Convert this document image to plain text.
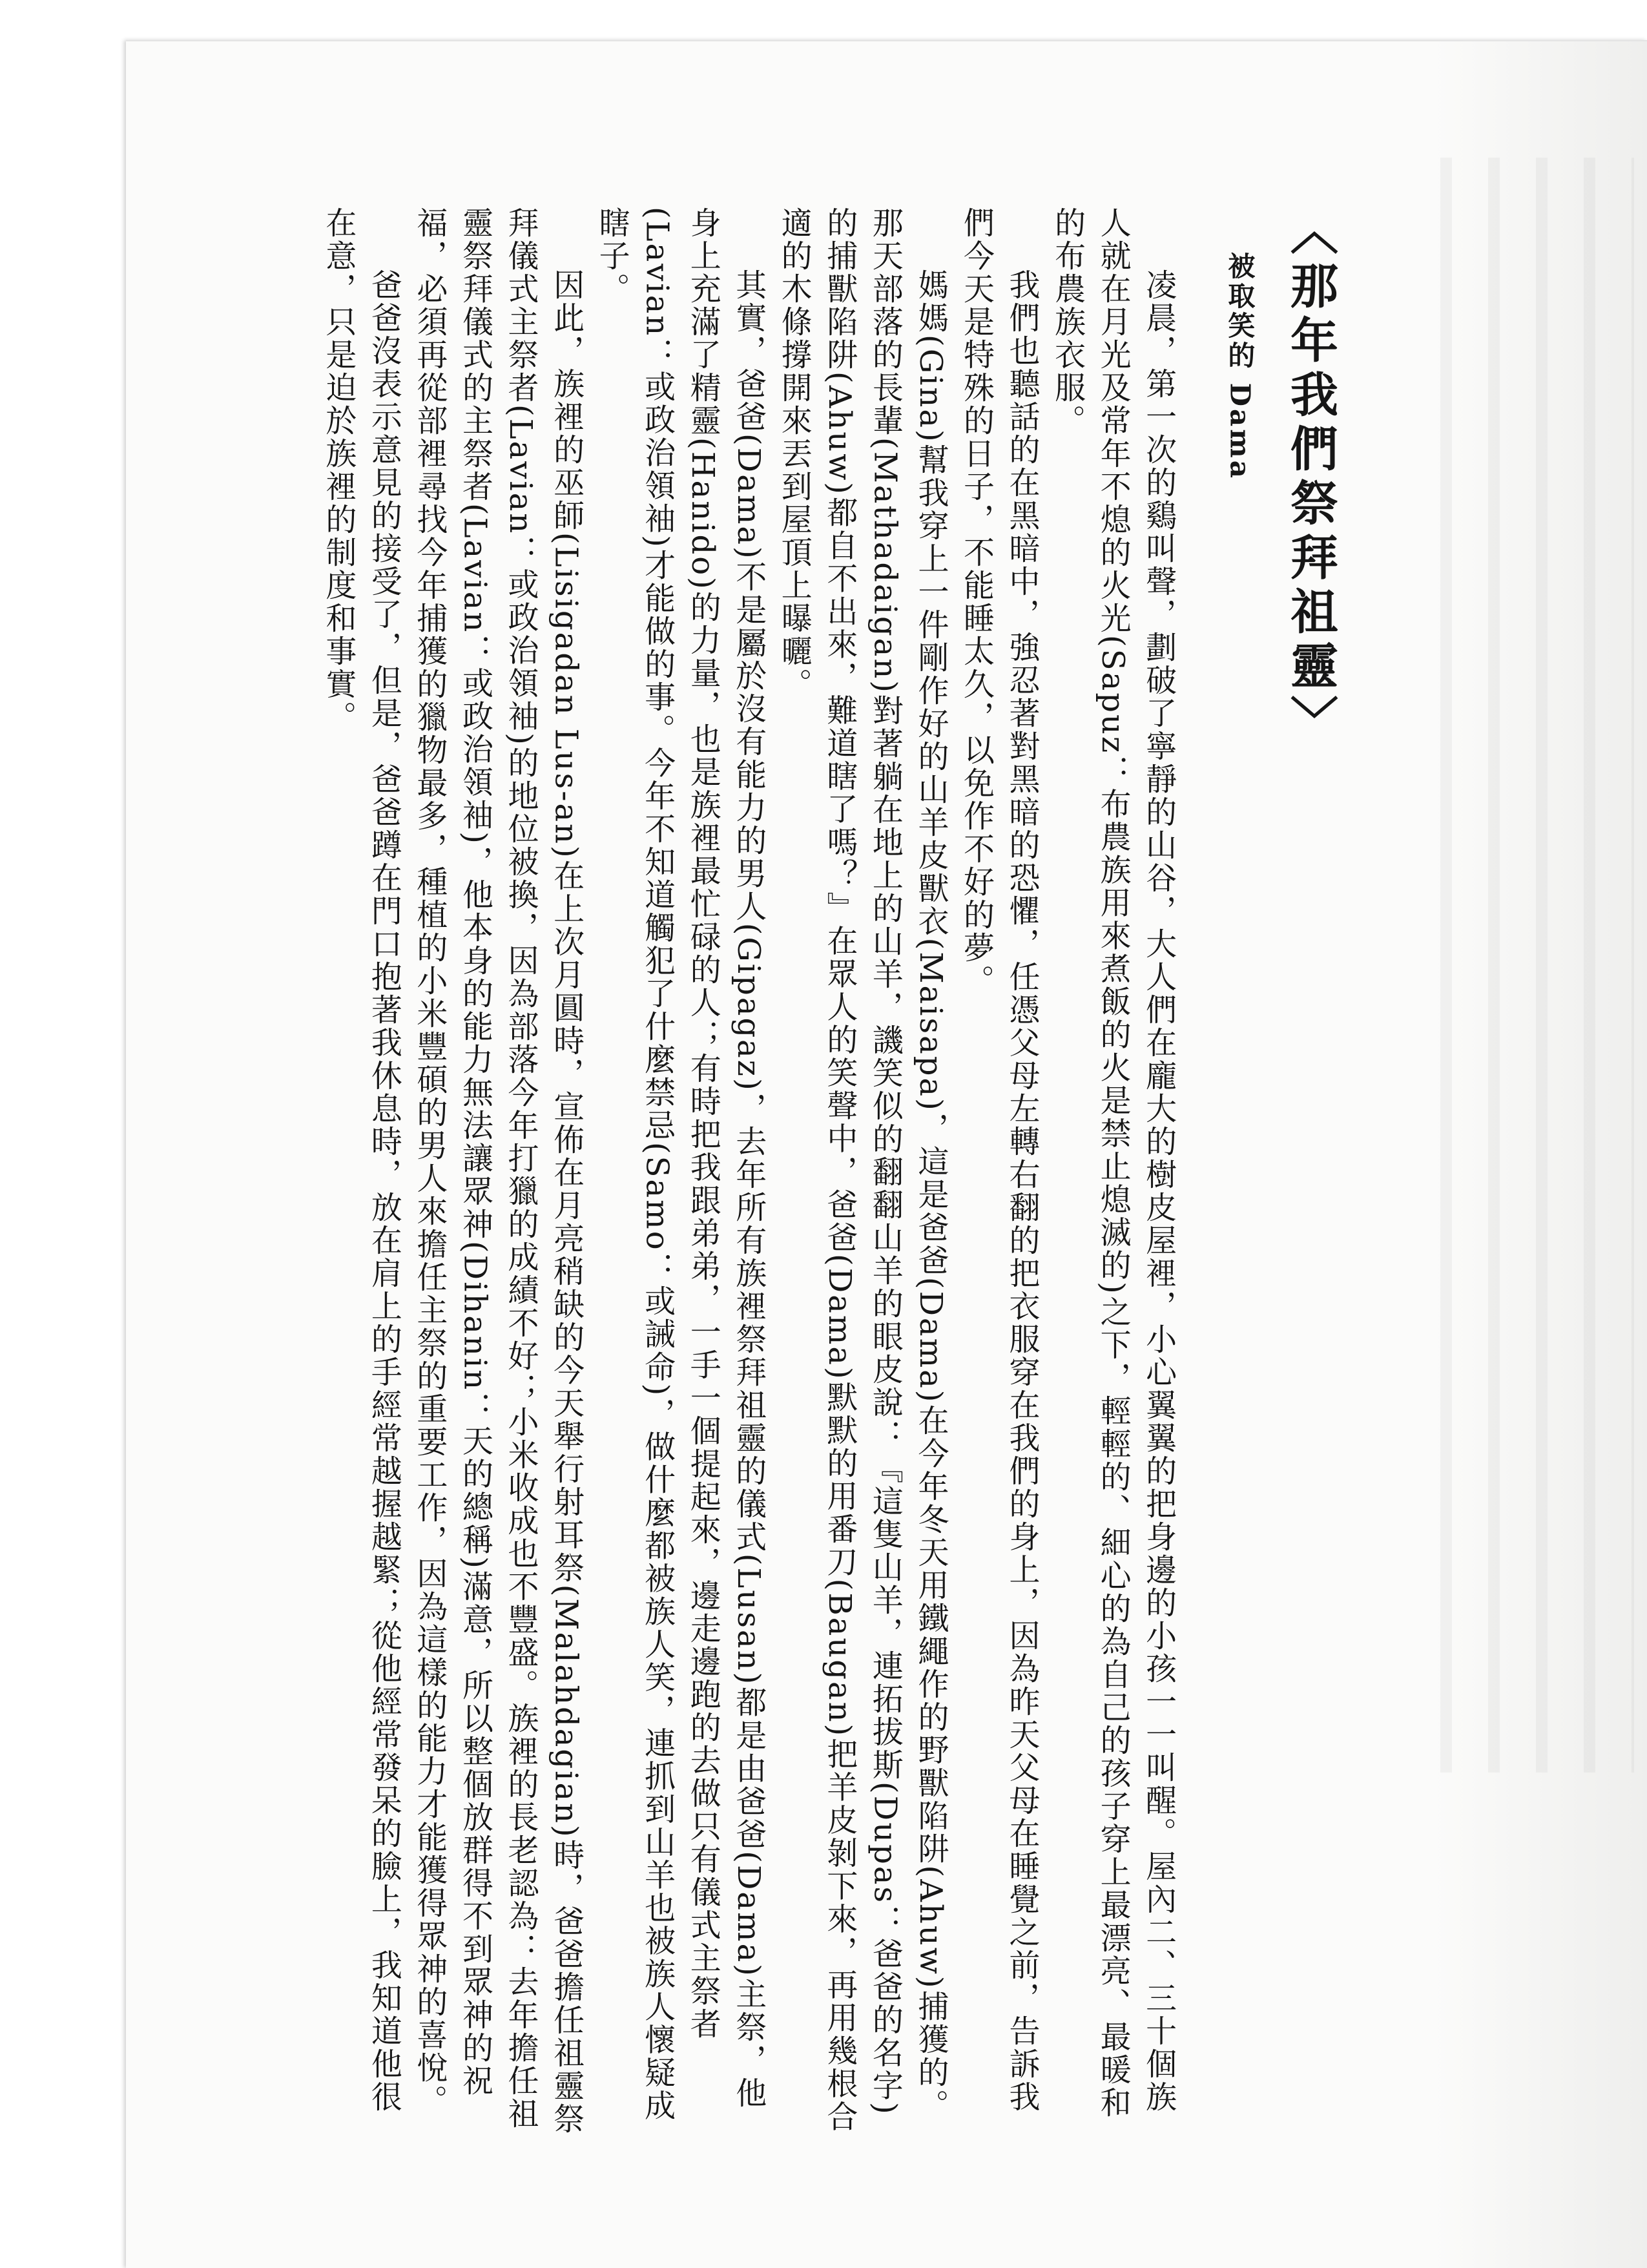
〈那年我們祭拜祖靈〉

被取笑的 Dama

凌晨，第一次的鷄叫聲，劃破了寧靜的山谷，大人們在龐大的樹皮屋裡，小心翼翼的把身邊的小孩一一叫醒。屋內二、三十個族人就在月光及常年不熄的火光(Sapuz：布農族用來煮飯的火是禁止熄滅的)之下，輕輕的、細心的為自己的孩子穿上最漂亮、最暖和的布農族衣服。

我們也聽話的在黑暗中，強忍著對黑暗的恐懼，任憑父母左轉右翻的把衣服穿在我們的身上，因為昨天父母在睡覺之前，告訴我們今天是特殊的日子，不能睡太久，以免作不好的夢。

媽媽(Gina)幫我穿上一件剛作好的山羊皮獸衣(Maisapa)，這是爸爸(Dama)在今年冬天用鐵繩作的野獸陷阱(Ahuw)捕獲的。那天部落的長輩(Mathadaigan)對著躺在地上的山羊，譏笑似的翻翻山羊的眼皮說：『這隻山羊，連拓拔斯(Dupas：爸爸的名字)的捕獸陷阱(Ahuw)都自不出來，難道瞎了嗎？』在眾人的笑聲中，爸爸(Dama)默默的用番刀(Baugan)把羊皮剝下來，再用幾根合適的木條撐開來丟到屋頂上曝曬。

其實，爸爸(Dama)不是屬於沒有能力的男人(Gipagaz)，去年所有族裡祭拜祖靈的儀式(Lusan)都是由爸爸(Dama)主祭，他身上充滿了精靈(Hanido)的力量，也是族裡最忙碌的人；有時把我跟弟弟，一手一個提起來，邊走邊跑的去做只有儀式主祭者(Lavian：或政治領袖)才能做的事。今年不知道觸犯了什麼禁忌(Samo：或誡命)，做什麼都被族人笑，連抓到山羊也被族人懷疑成瞎子。

因此，族裡的巫師(Lisigadan Lus-an)在上次月圓時，宣佈在月亮稍缺的今天舉行射耳祭(Malahdagian)時，爸爸擔任祖靈祭拜儀式主祭者(Lavian：或政治領袖)的地位被換，因為部落今年打獵的成績不好；小米收成也不豐盛。族裡的長老認為：去年擔任祖靈祭拜儀式的主祭者(Lavian：或政治領袖)，他本身的能力無法讓眾神(Dihanin：天的總稱)滿意，所以整個放群得不到眾神的祝福，必須再從部裡尋找今年捕獲的獵物最多，種植的小米豐碩的男人來擔任主祭的重要工作，因為這樣的能力才能獲得眾神的喜悅。

爸爸沒表示意見的接受了，但是，爸爸蹲在門口抱著我休息時，放在肩上的手經常越握越緊；從他經常發呆的臉上，我知道他很在意，只是迫於族裡的制度和事實。
